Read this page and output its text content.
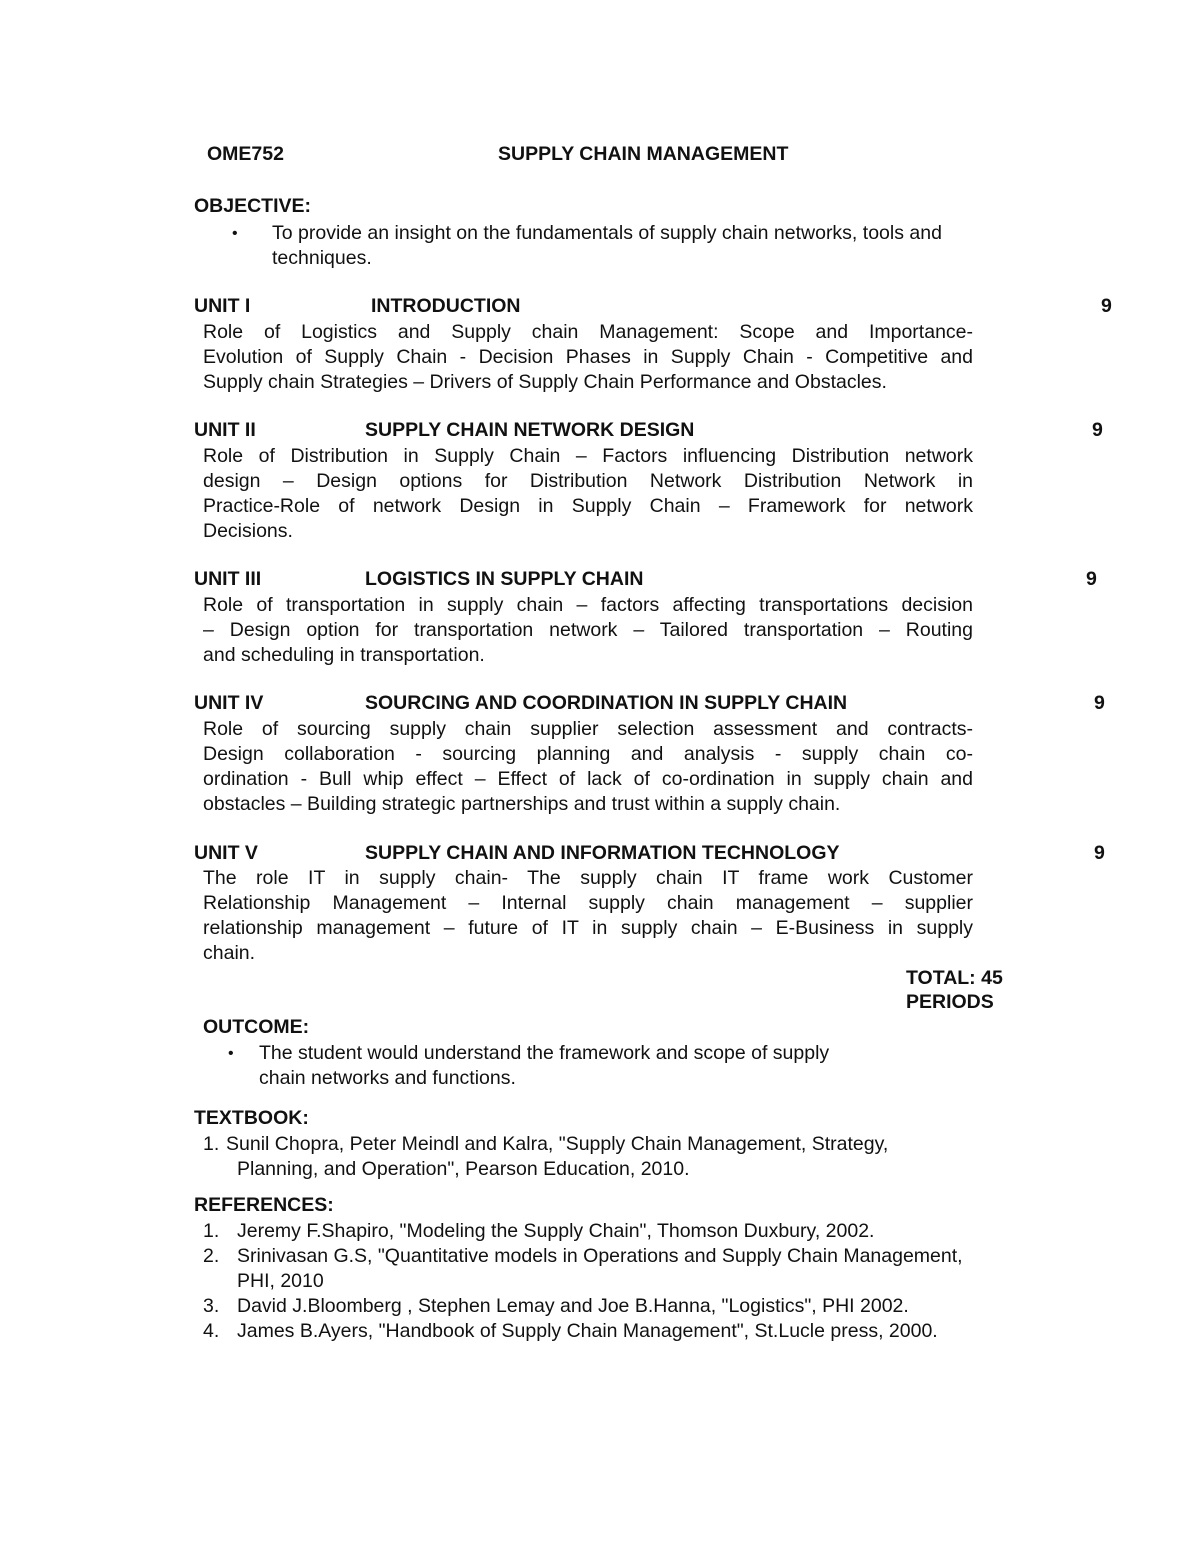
OME752	SUPPLY CHAIN MANAGEMENT
OBJECTIVE:
• To provide an insight on the fundamentals of supply chain networks, tools and
techniques.
UNIT I	INTRODUCTION	9
Role of Logistics and Supply chain Management: Scope and Importance-
Evolution of Supply Chain - Decision Phases in Supply Chain - Competitive and
Supply chain Strategies – Drivers of Supply Chain Performance and Obstacles.
UNIT II	SUPPLY CHAIN NETWORK DESIGN	9
Role of Distribution in Supply Chain – Factors influencing Distribution network
design – Design options for Distribution Network Distribution Network in
Practice-Role of network Design in Supply Chain – Framework for network
Decisions.
UNIT III	LOGISTICS IN SUPPLY CHAIN	9
Role of transportation in supply chain – factors affecting transportations decision
– Design option for transportation network – Tailored transportation – Routing
and scheduling in transportation.
UNIT IV	SOURCING AND COORDINATION IN SUPPLY CHAIN	9
Role of sourcing supply chain supplier selection assessment and contracts-
Design collaboration - sourcing planning and analysis - supply chain co-
ordination - Bull whip effect – Effect of lack of co-ordination in supply chain and
obstacles – Building strategic partnerships and trust within a supply chain.
UNIT V	SUPPLY CHAIN AND INFORMATION TECHNOLOGY	9
The role IT in supply chain- The supply chain IT frame work Customer
Relationship Management – Internal supply chain management – supplier
relationship management – future of IT in supply chain – E-Business in supply
chain.
TOTAL: 45
PERIODS
OUTCOME:
• The student would understand the framework and scope of supply
chain networks and functions.
TEXTBOOK:
1. Sunil Chopra, Peter Meindl and Kalra, "Supply Chain Management, Strategy,
Planning, and Operation", Pearson Education, 2010.
REFERENCES:
1. Jeremy F.Shapiro, "Modeling the Supply Chain", Thomson Duxbury, 2002.
2. Srinivasan G.S, "Quantitative models in Operations and Supply Chain Management,
PHI, 2010
3. David J.Bloomberg , Stephen Lemay and Joe B.Hanna, "Logistics", PHI 2002.
4. James B.Ayers, "Handbook of Supply Chain Management", St.Lucle press, 2000.
